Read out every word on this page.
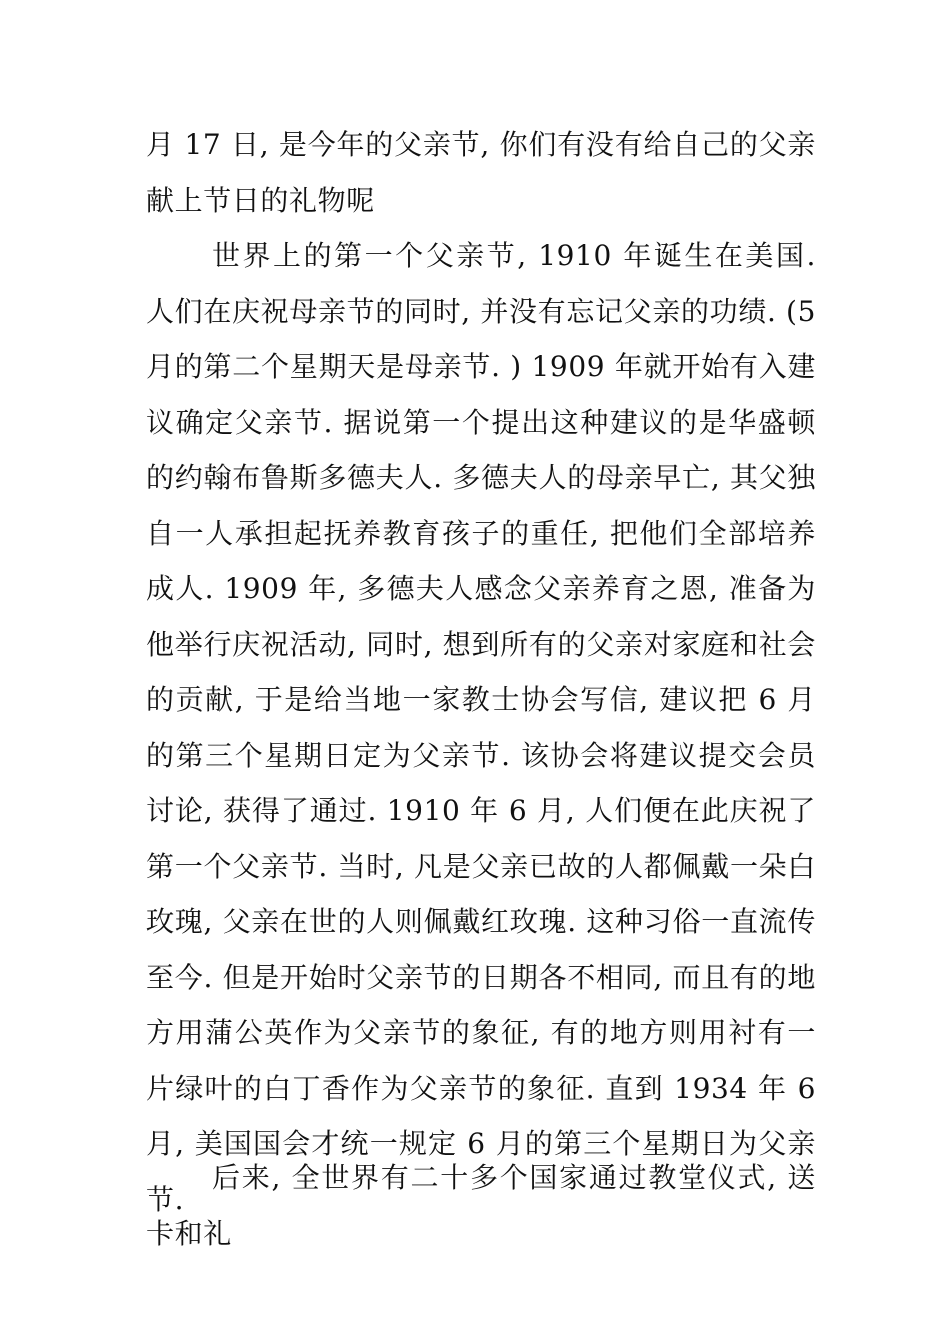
月 17 日, 是今年的父亲节, 你们有没有给自己的父亲献上节日的礼物呢

世界上的第一个父亲节, 1910 年诞生在美国. 人们在庆祝母亲节的同时, 并没有忘记父亲的功绩. (5 月的第二个星期天是母亲节. ) 1909 年就开始有入建议确定父亲节. 据说第一个提出这种建议的是华盛顿的约翰布鲁斯多德夫人. 多德夫人的母亲早亡, 其父独自一人承担起抚养教育孩子的重任, 把他们全部培养成人. 1909 年, 多德夫人感念父亲养育之恩, 准备为他举行庆祝活动, 同时, 想到所有的父亲对家庭和社会的贡献, 于是给当地一家教士协会写信, 建议把 6 月的第三个星期日定为父亲节. 该协会将建议提交会员讨论, 获得了通过. 1910 年 6 月, 人们便在此庆祝了第一个父亲节. 当时, 凡是父亲已故的人都佩戴一朵白玫瑰, 父亲在世的人则佩戴红玫瑰. 这种习俗一直流传至今. 但是开始时父亲节的日期各不相同, 而且有的地方用蒲公英作为父亲节的象征, 有的地方则用衬有一片绿叶的白丁香作为父亲节的象征. 直到 1934 年 6 月, 美国国会才统一规定 6 月的第三个星期日为父亲节.

后来, 全世界有二十多个国家通过教堂仪式, 送卡和礼
